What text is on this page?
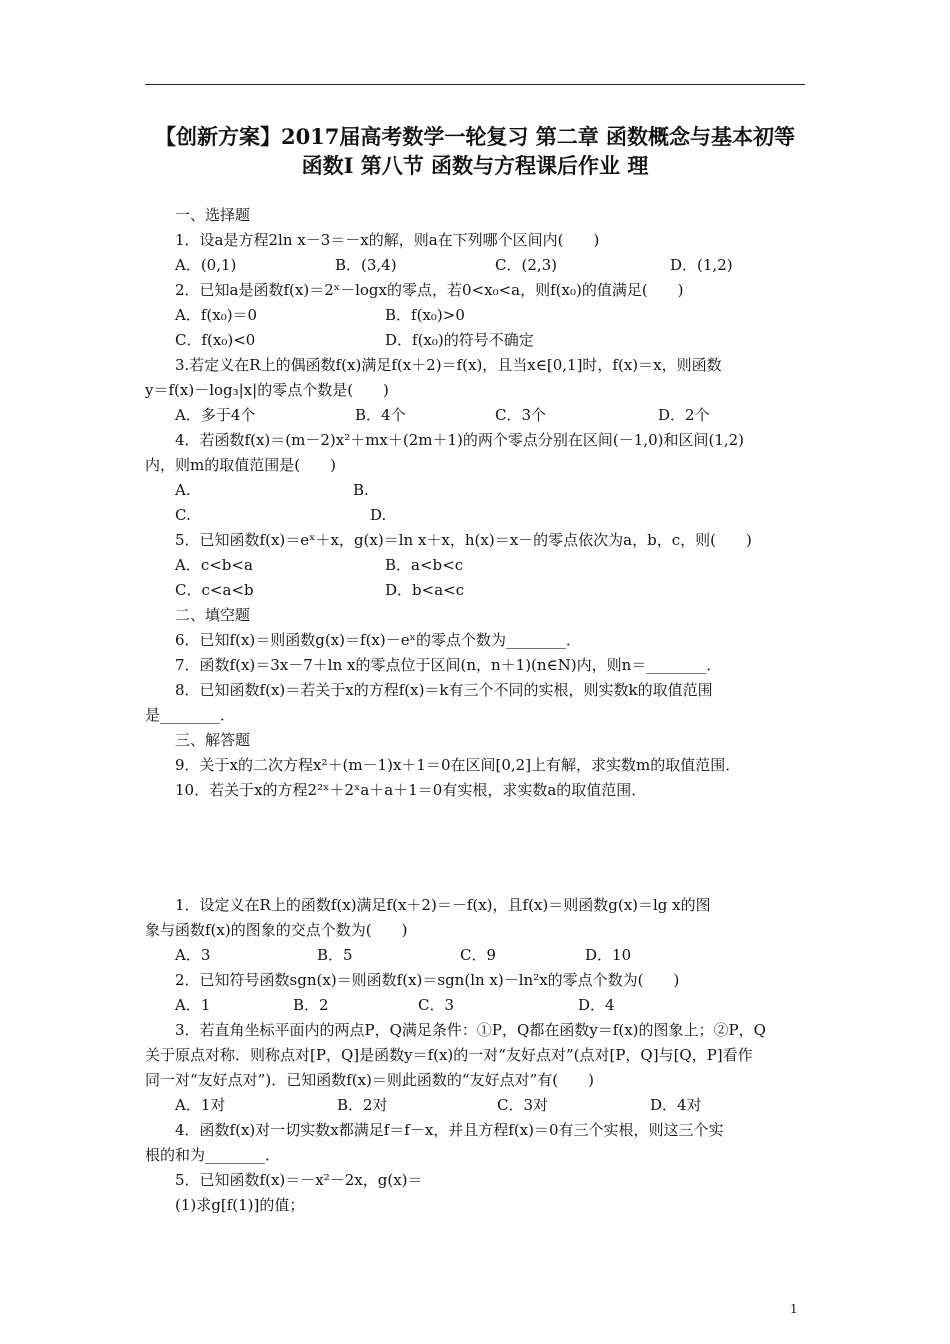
【创新方案】2017届高考数学一轮复习 第二章 函数概念与基本初等
函数Ⅰ 第八节 函数与方程课后作业 理
一、选择题
1．设a是方程2ln x－3＝－x的解，则a在下列哪个区间内(　　)
A．(0,1)	B．(3,4)	C．(2,3)	D．(1,2)
2．已知a是函数f(x)＝2ˣ－logx的零点，若0<x₀<a，则f(x₀)的值满足(　　)
A．f(x₀)＝0	B．f(x₀)>0
C．f(x₀)<0	D．f(x₀)的符号不确定
3.若定义在R上的偶函数f(x)满足f(x＋2)＝f(x)，且当x∈[0,1]时，f(x)＝x，则函数
y＝f(x)－log₃|x|的零点个数是(　　)
A．多于4个	B．4个	C．3个	D．2个
4．若函数f(x)＝(m－2)x²＋mx＋(2m＋1)的两个零点分别在区间(－1,0)和区间(1,2)
内，则m的取值范围是(　　)
A.	B.
C.	D.
5．已知函数f(x)＝eˣ＋x，g(x)＝ln x＋x，h(x)＝x－的零点依次为a，b，c，则(　　)
A．c<b<a	B．a<b<c
C．c<a<b	D．b<a<c
二、填空题
6．已知f(x)＝则函数g(x)＝f(x)－eˣ的零点个数为________．
7．函数f(x)＝3x－7＋ln x的零点位于区间(n，n＋1)(n∈N)内，则n＝________．
8．已知函数f(x)＝若关于x的方程f(x)＝k有三个不同的实根，则实数k的取值范围
是________．
三、解答题
9．关于x的二次方程x²＋(m－1)x＋1＝0在区间[0,2]上有解，求实数m的取值范围．
10．若关于x的方程2²ˣ＋2ˣa＋a＋1＝0有实根，求实数a的取值范围．
1．设定义在R上的函数f(x)满足f(x＋2)＝－f(x)，且f(x)＝则函数g(x)＝lg x的图
象与函数f(x)的图象的交点个数为(　　)
A．3	B．5	C．9	D．10
2．已知符号函数sgn(x)＝则函数f(x)＝sgn(ln x)－ln²x的零点个数为(　　)
A．1	B．2	C．3	D．4
3．若直角坐标平面内的两点P，Q满足条件：①P，Q都在函数y＝f(x)的图象上；②P，Q
关于原点对称．则称点对[P，Q]是函数y＝f(x)的一对“友好点对”(点对[P，Q]与[Q，P]看作
同一对“友好点对”)．已知函数f(x)＝则此函数的“友好点对”有(　　)
A．1对	B．2对	C．3对	D．4对
4．函数f(x)对一切实数x都满足f＝f－x，并且方程f(x)＝0有三个实根，则这三个实
根的和为________．
5．已知函数f(x)＝－x²－2x，g(x)＝
(1)求g[f(1)]的值；
1
